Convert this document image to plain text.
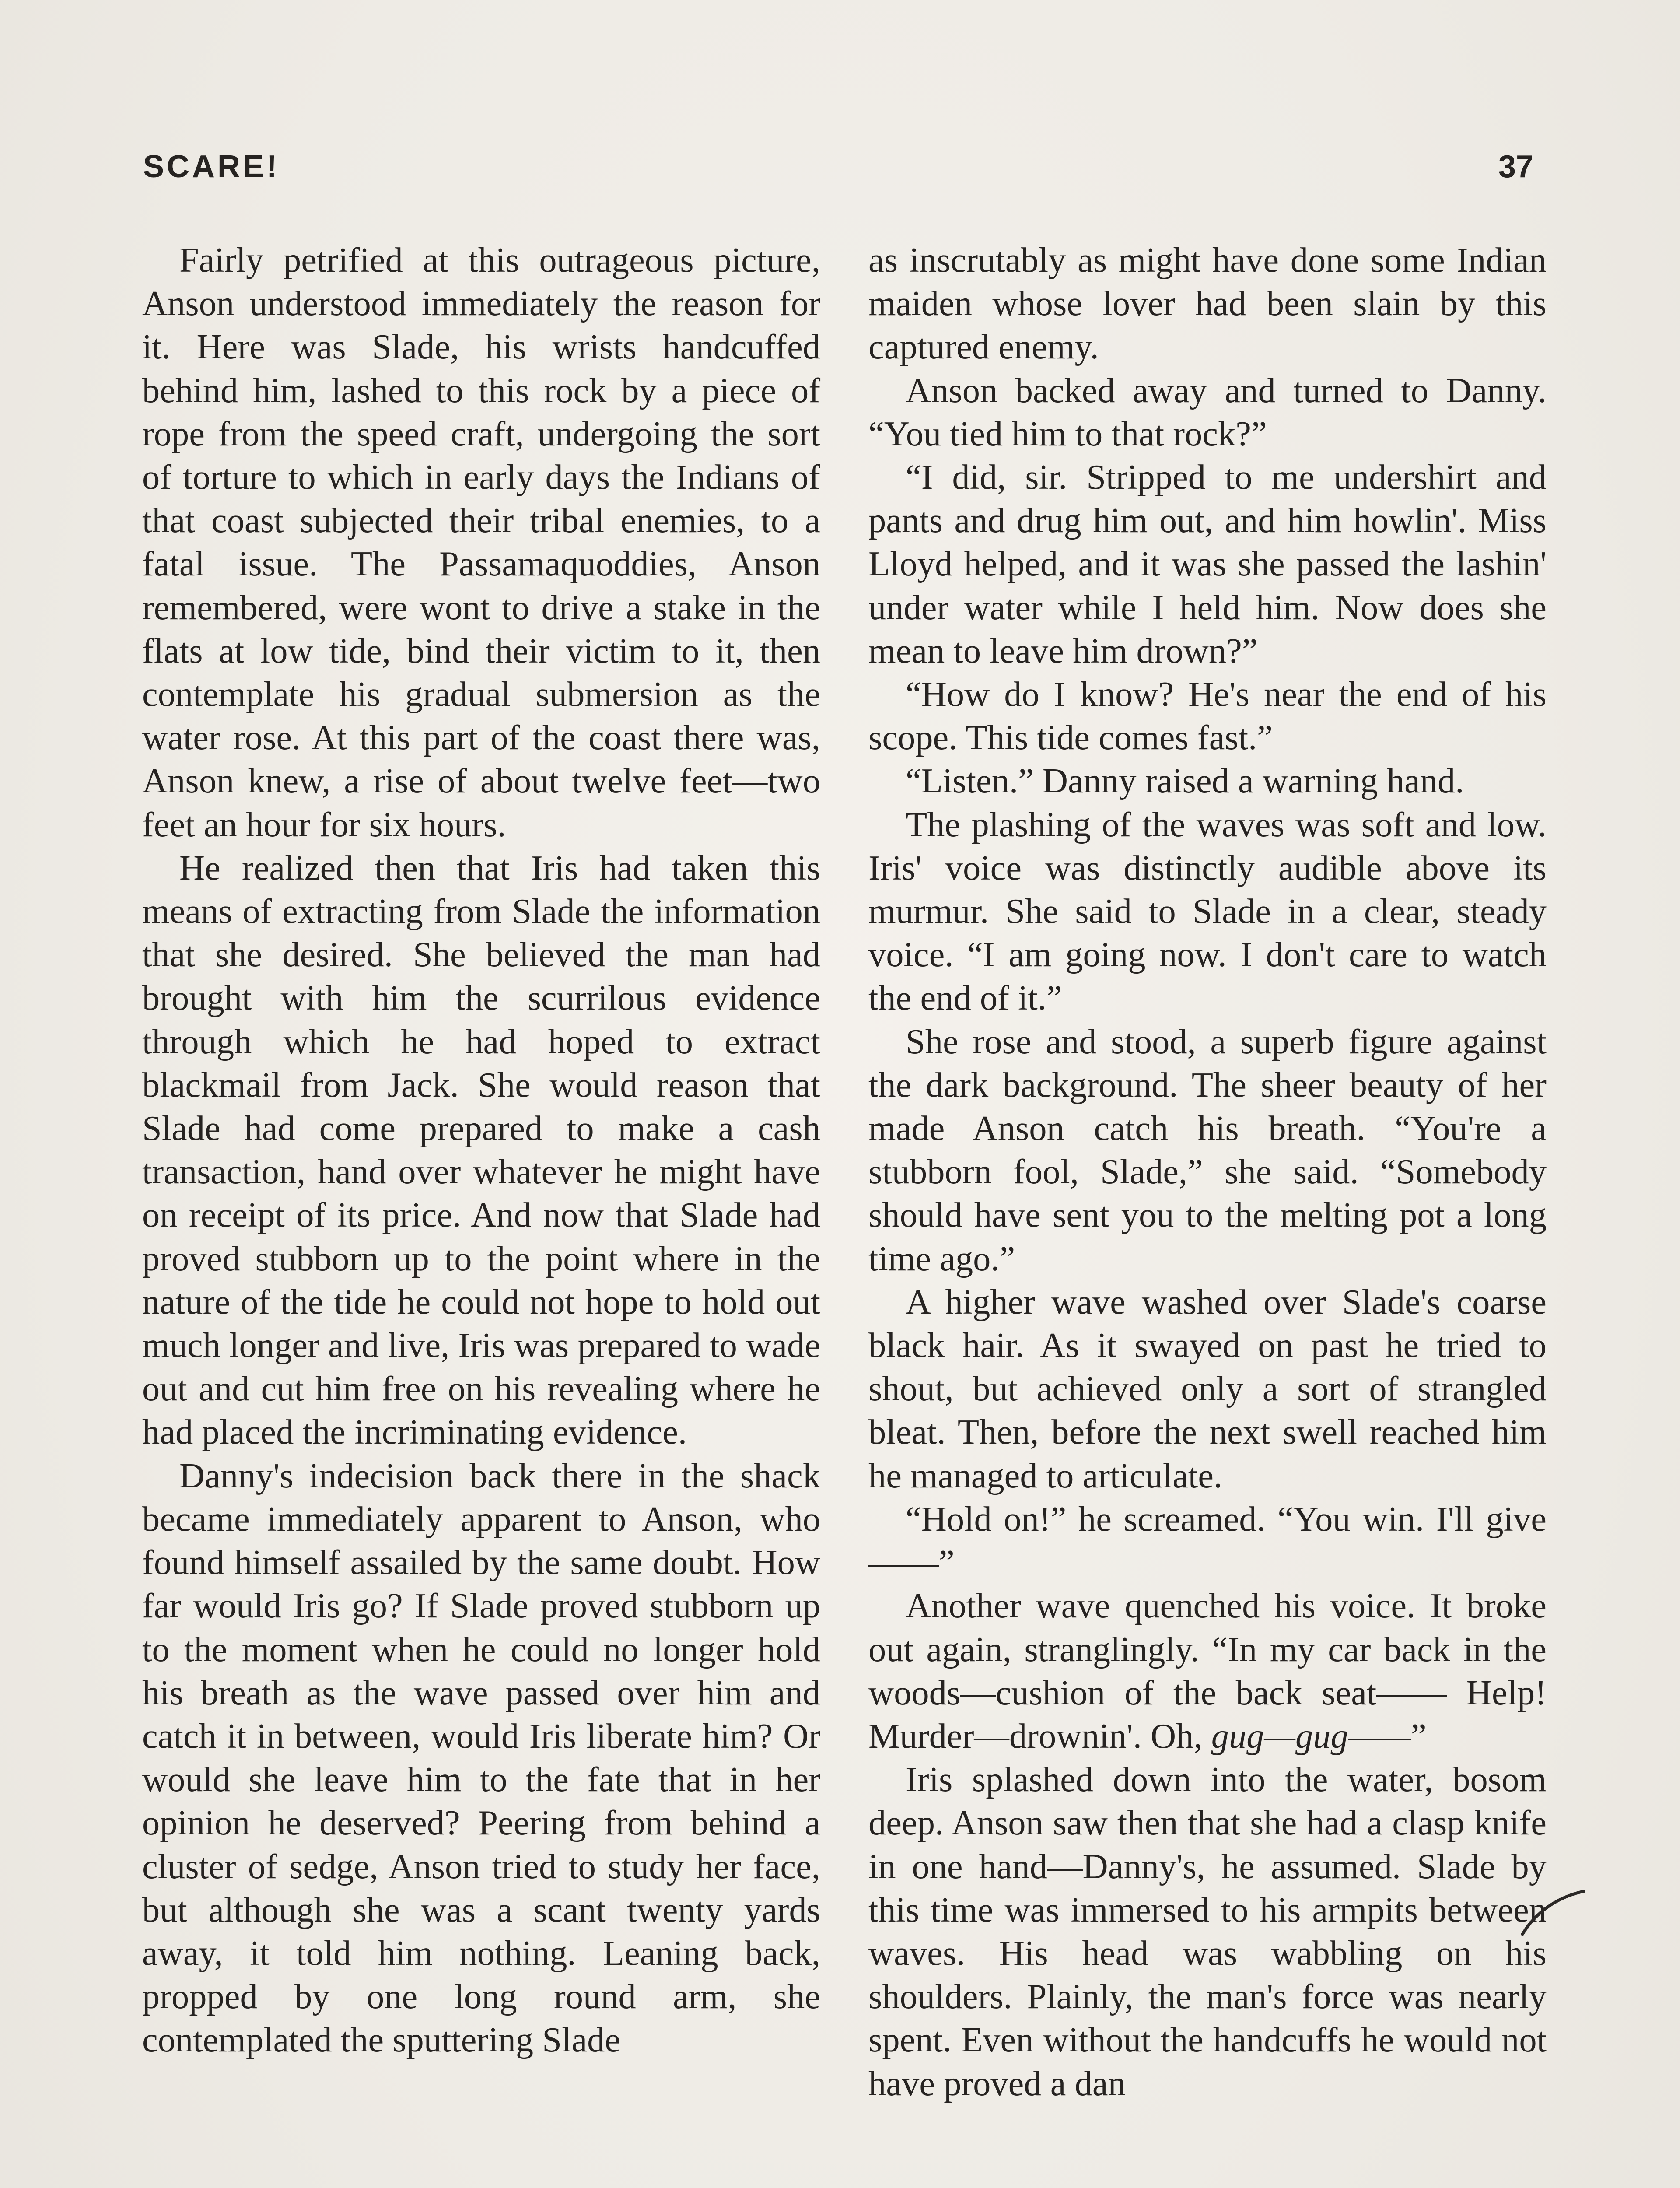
SCARE!	37

Fairly petrified at this outrageous picture, Anson understood immediately the reason for it. Here was Slade, his wrists handcuffed behind him, lashed to this rock by a piece of rope from the speed craft, undergoing the sort of torture to which in early days the Indians of that coast subjected their tribal enemies, to a fatal issue. The Passamaquoddies, Anson remembered, were wont to drive a stake in the flats at low tide, bind their victim to it, then contemplate his gradual submersion as the water rose. At this part of the coast there was, Anson knew, a rise of about twelve feet—two feet an hour for six hours.

He realized then that Iris had taken this means of extracting from Slade the information that she desired. She believed the man had brought with him the scurrilous evidence through which he had hoped to extract blackmail from Jack. She would reason that Slade had come prepared to make a cash transaction, hand over whatever he might have on receipt of its price. And now that Slade had proved stubborn up to the point where in the nature of the tide he could not hope to hold out much longer and live, Iris was prepared to wade out and cut him free on his revealing where he had placed the incriminating evidence.

Danny's indecision back there in the shack became immediately apparent to Anson, who found himself assailed by the same doubt. How far would Iris go? If Slade proved stubborn up to the moment when he could no longer hold his breath as the wave passed over him and catch it in between, would Iris liberate him? Or would she leave him to the fate that in her opinion he deserved? Peering from behind a cluster of sedge, Anson tried to study her face, but although she was a scant twenty yards away, it told him nothing. Leaning back, propped by one long round arm, she contemplated the sputtering Slade

as inscrutably as might have done some Indian maiden whose lover had been slain by this captured enemy.

Anson backed away and turned to Danny. “You tied him to that rock?”

“I did, sir. Stripped to me undershirt and pants and drug him out, and him howlin'. Miss Lloyd helped, and it was she passed the lashin' under water while I held him. Now does she mean to leave him drown?”

“How do I know? He's near the end of his scope. This tide comes fast.”

“Listen.” Danny raised a warning hand.

The plashing of the waves was soft and low. Iris' voice was distinctly audible above its murmur. She said to Slade in a clear, steady voice. “I am going now. I don't care to watch the end of it.”

She rose and stood, a superb figure against the dark background. The sheer beauty of her made Anson catch his breath. “You're a stubborn fool, Slade,” she said. “Somebody should have sent you to the melting pot a long time ago.”

A higher wave washed over Slade's coarse black hair. As it swayed on past he tried to shout, but achieved only a sort of strangled bleat. Then, before the next swell reached him he managed to articulate.

“Hold on!” he screamed. “You win. I'll give——”

Another wave quenched his voice. It broke out again, stranglingly. “In my car back in the woods—cushion of the back seat—— Help! Murder—drownin'. Oh, gug—gug——”

Iris splashed down into the water, bosom deep. Anson saw then that she had a clasp knife in one hand—Danny's, he assumed. Slade by this time was immersed to his armpits between waves. His head was wabbling on his shoulders. Plainly, the man's force was nearly spent. Even without the handcuffs he would not have proved a dan
